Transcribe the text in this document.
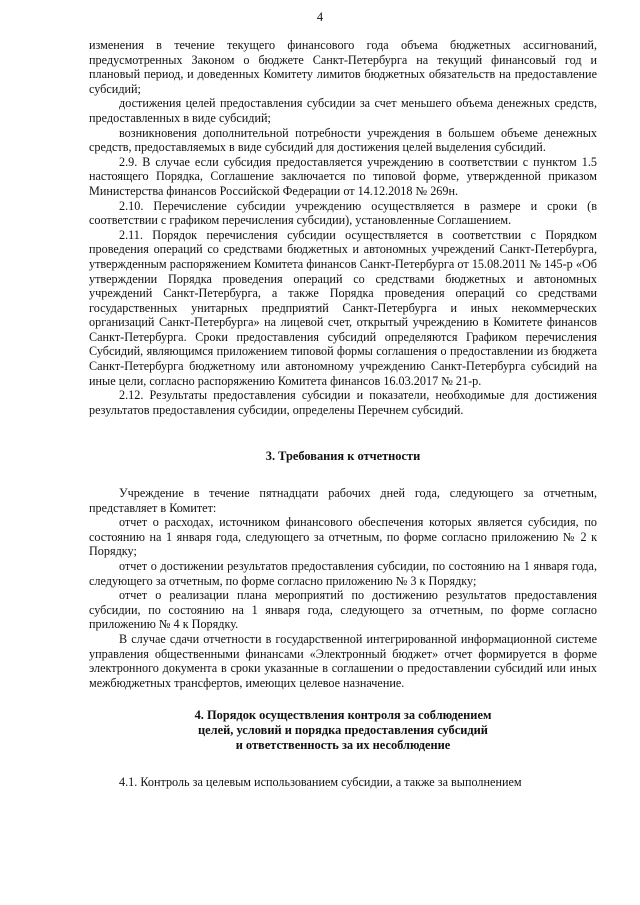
4

изменения в течение текущего финансового года объема бюджетных ассигнований, предусмотренных Законом о бюджете Санкт-Петербурга на текущий финансовый год и плановый период, и доведенных Комитету лимитов бюджетных обязательств на предоставление субсидий;

достижения целей предоставления субсидии за счет меньшего объема денежных средств, предоставленных в виде субсидий;

возникновения дополнительной потребности учреждения в большем объеме денежных средств, предоставляемых в виде субсидий для достижения целей выделения субсидий.

2.9. В случае если субсидия предоставляется учреждению в соответствии с пунктом 1.5 настоящего Порядка, Соглашение заключается по типовой форме, утвержденной приказом Министерства финансов Российской Федерации от 14.12.2018 № 269н.

2.10. Перечисление субсидии учреждению осуществляется в размере и сроки (в соответствии с графиком перечисления субсидии), установленные Соглашением.

2.11. Порядок перечисления субсидии осуществляется в соответствии с Порядком проведения операций со средствами бюджетных и автономных учреждений Санкт-Петербурга, утвержденным распоряжением Комитета финансов Санкт-Петербурга от 15.08.2011 № 145-р «Об утверждении Порядка проведения операций со средствами бюджетных и автономных учреждений Санкт-Петербурга, а также Порядка проведения операций со средствами государственных унитарных предприятий Санкт-Петербурга и иных некоммерческих организаций Санкт-Петербурга» на лицевой счет, открытый учреждению в Комитете финансов Санкт-Петербурга. Сроки предоставления субсидий определяются Графиком перечисления Субсидий, являющимся приложением типовой формы соглашения о предоставлении из бюджета Санкт-Петербурга бюджетному или автономному учреждению Санкт-Петербурга субсидий на иные цели, согласно распоряжению Комитета финансов 16.03.2017 № 21-р.

2.12. Результаты предоставления субсидии и показатели, необходимые для достижения результатов предоставления субсидии, определены Перечнем субсидий.

3. Требования к отчетности

Учреждение в течение пятнадцати рабочих дней года, следующего за отчетным, представляет в Комитет:

отчет о расходах, источником финансового обеспечения которых является субсидия, по состоянию на 1 января года, следующего за отчетным, по форме согласно приложению № 2 к Порядку;

отчет о достижении результатов предоставления субсидии, по состоянию на 1 января года, следующего за отчетным, по форме согласно приложению № 3 к Порядку;

отчет о реализации плана мероприятий по достижению результатов предоставления субсидии, по состоянию на 1 января года, следующего за отчетным, по форме согласно приложению № 4 к Порядку.

В случае сдачи отчетности в государственной интегрированной информационной системе управления общественными финансами «Электронный бюджет» отчет формируется в форме электронного документа в сроки указанные в соглашении о предоставлении субсидий или иных межбюджетных трансфертов, имеющих целевое назначение.

4. Порядок осуществления контроля за соблюдением
целей, условий и порядка предоставления субсидий
и ответственность за их несоблюдение

4.1. Контроль за целевым использованием субсидии, а также за выполнением
